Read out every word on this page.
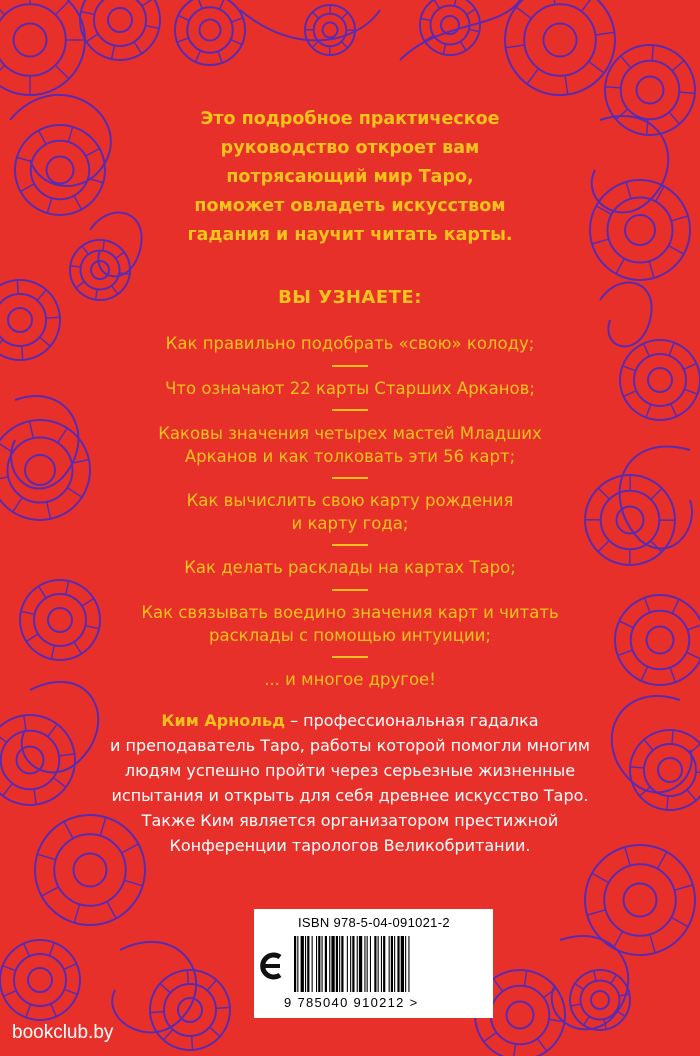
Это подробное практическое
руководство откроет вам
потрясающий мир Таро,
поможет овладеть искусством
гадания и научит читать карты.
ВЫ УЗНАЕТЕ:
Как правильно подобрать «свою» колоду;
Что означают 22 карты Старших Арканов;
Каковы значения четырех мастей Младших
Арканов и как толковать эти 56 карт;
Как вычислить свою карту рождения
и карту года;
Как делать расклады на картах Таро;
Как связывать воедино значения карт и читать
расклады с помощью интуиции;
... и многое другое!
Ким Арнольд – профессиональная гадалка
и преподаватель Таро, работы которой помогли многим
людям успешно пройти через серьезные жизненные
испытания и открыть для себя древнее искусство Таро.
Также Ким является организатором престижной
Конференции тарологов Великобритании.
ISBN 978-5-04-091021-2
9 785040 910212 >
bookclub.by
